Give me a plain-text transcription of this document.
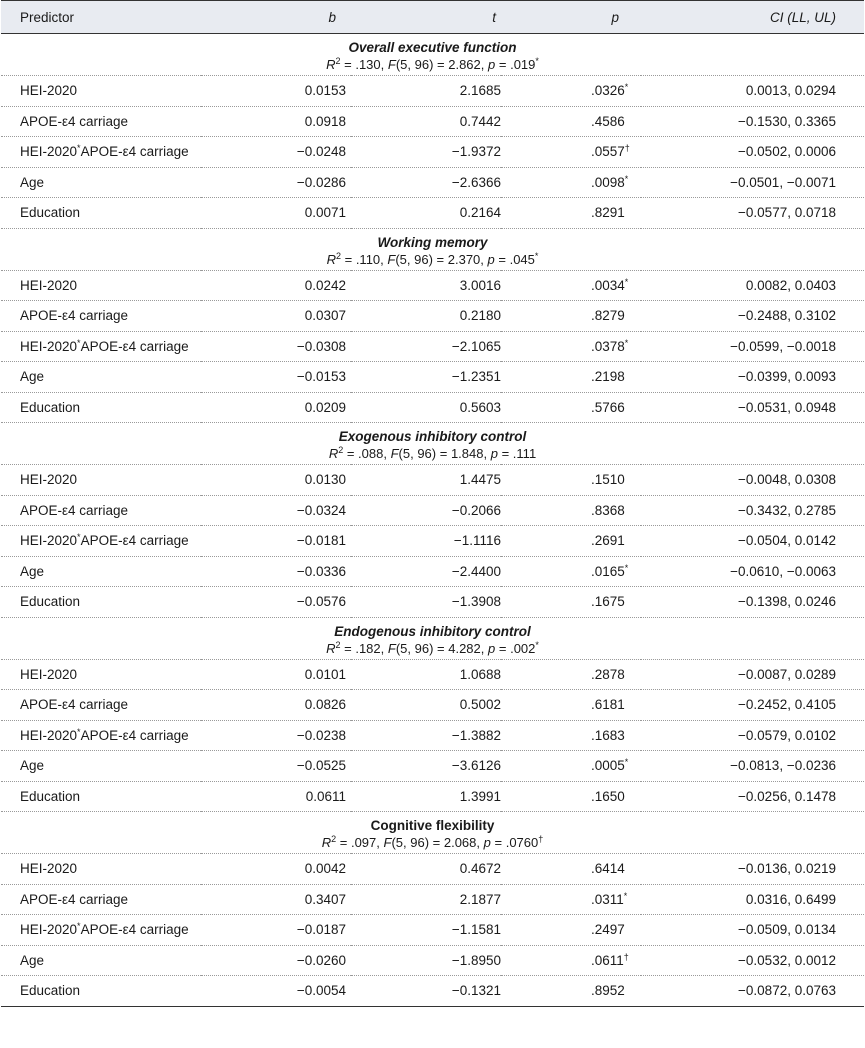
Predictor	b	t	p	CI (LL, UL)

Overall executive function
$R^2 = .130$, F(5, 96) = 2.862, p = .019*

HEI-2020	0.0153	2.1685	.0326*	0.0013, 0.0294
APOE-ε4 carriage	0.0918	0.7442	.4586	−0.1530, 0.3365
HEI-2020*APOE-ε4 carriage	−0.0248	−1.9372	.0557†	−0.0502, 0.0006
Age	−0.0286	−2.6366	.0098*	−0.0501, −0.0071
Education	0.0071	0.2164	.8291	−0.0577, 0.0718

Working memory
$R^2 = .110$, F(5, 96) = 2.370, p = .045*

HEI-2020	0.0242	3.0016	.0034*	0.0082, 0.0403
APOE-ε4 carriage	0.0307	0.2180	.8279	−0.2488, 0.3102
HEI-2020*APOE-ε4 carriage	−0.0308	−2.1065	.0378*	−0.0599, −0.0018
Age	−0.0153	−1.2351	.2198	−0.0399, 0.0093
Education	0.0209	0.5603	.5766	−0.0531, 0.0948

Exogenous inhibitory control
$R^2 = .088$, F(5, 96) = 1.848, p = .111				

HEI-2020	0.0130	1.4475	.1510	−0.0048, 0.0308
APOE-ε4 carriage	−0.0324	−0.2066	.8368	−0.3432, 0.2785
HEI-2020*APOE-ε4 carriage	−0.0181	−1.1116	.2691	−0.0504, 0.0142
Age	−0.0336	−2.4400	.0165*	−0.0610, −0.0063
Education	−0.0576	−1.3908	.1675	−0.1398, 0.0246

Endogenous inhibitory control
$R^2 = .182$, F(5, 96) = 4.282, p = .002*

HEI-2020	0.0101	1.0688	.2878	−0.0087, 0.0289
APOE-ε4 carriage	0.0826	0.5002	.6181	−0.2452, 0.4105
HEI-2020*APOE-ε4 carriage	−0.0238	−1.3882	.1683	−0.0579, 0.0102
Age	−0.0525	−3.6126	.0005*	−0.0813, −0.0236
Education	0.0611	1.3991	.1650	−0.0256, 0.1478

Cognitive flexibility
$R^2 = .097$, F(5, 96) = 2.068, p = .0760†

HEI-2020	0.0042	0.4672	.6414	−0.0136, 0.0219
APOE-ε4 carriage	0.3407	2.1877	.0311*	0.0316, 0.6499
HEI-2020*APOE-ε4 carriage	−0.0187	−1.1581	.2497	−0.0509, 0.0134
Age	−0.0260	−1.8950	.0611†	−0.0532, 0.0012
Education	−0.0054	−0.1321	.8952	−0.0872, 0.0763
